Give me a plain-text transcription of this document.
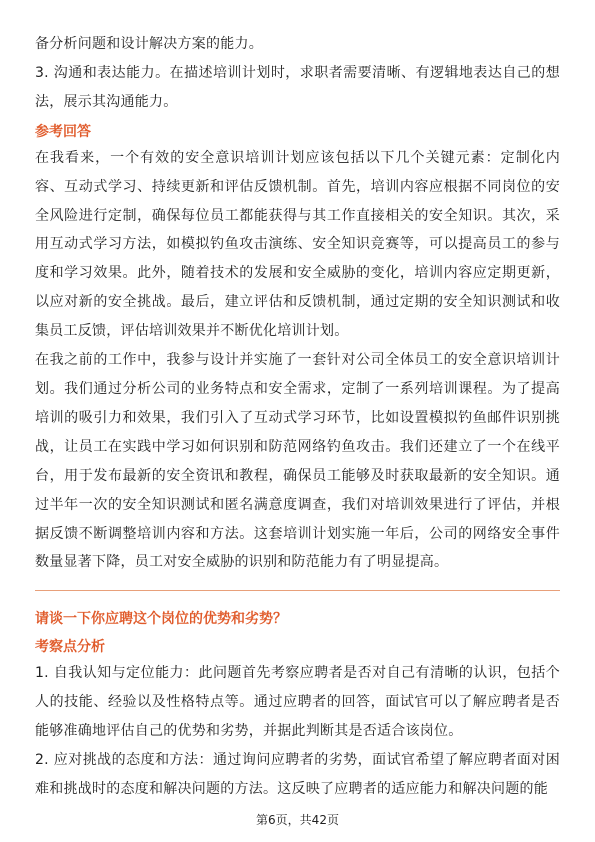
备分析问题和设计解决方案的能力。

3. 沟通和表达能力。在描述培训计划时，求职者需要清晰、有逻辑地表达自己的想法，展示其沟通能力。

参考回答

在我看来，一个有效的安全意识培训计划应该包括以下几个关键元素：定制化内容、互动式学习、持续更新和评估反馈机制。首先，培训内容应根据不同岗位的安全风险进行定制，确保每位员工都能获得与其工作直接相关的安全知识。其次，采用互动式学习方法，如模拟钓鱼攻击演练、安全知识竞赛等，可以提高员工的参与度和学习效果。此外，随着技术的发展和安全威胁的变化，培训内容应定期更新，以应对新的安全挑战。最后，建立评估和反馈机制，通过定期的安全知识测试和收集员工反馈，评估培训效果并不断优化培训计划。

在我之前的工作中，我参与设计并实施了一套针对公司全体员工的安全意识培训计划。我们通过分析公司的业务特点和安全需求，定制了一系列培训课程。为了提高培训的吸引力和效果，我们引入了互动式学习环节，比如设置模拟钓鱼邮件识别挑战，让员工在实践中学习如何识别和防范网络钓鱼攻击。我们还建立了一个在线平台，用于发布最新的安全资讯和教程，确保员工能够及时获取最新的安全知识。通过半年一次的安全知识测试和匿名满意度调查，我们对培训效果进行了评估，并根据反馈不断调整培训内容和方法。这套培训计划实施一年后，公司的网络安全事件数量显著下降，员工对安全威胁的识别和防范能力有了明显提高。

请谈一下你应聘这个岗位的优势和劣势？
考察点分析

1. 自我认知与定位能力：此问题首先考察应聘者是否对自己有清晰的认识，包括个人的技能、经验以及性格特点等。通过应聘者的回答，面试官可以了解应聘者是否能够准确地评估自己的优势和劣势，并据此判断其是否适合该岗位。

2. 应对挑战的态度和方法：通过询问应聘者的劣势，面试官希望了解应聘者面对困难和挑战时的态度和解决问题的方法。这反映了应聘者的适应能力和解决问题的能

第6页，共42页
